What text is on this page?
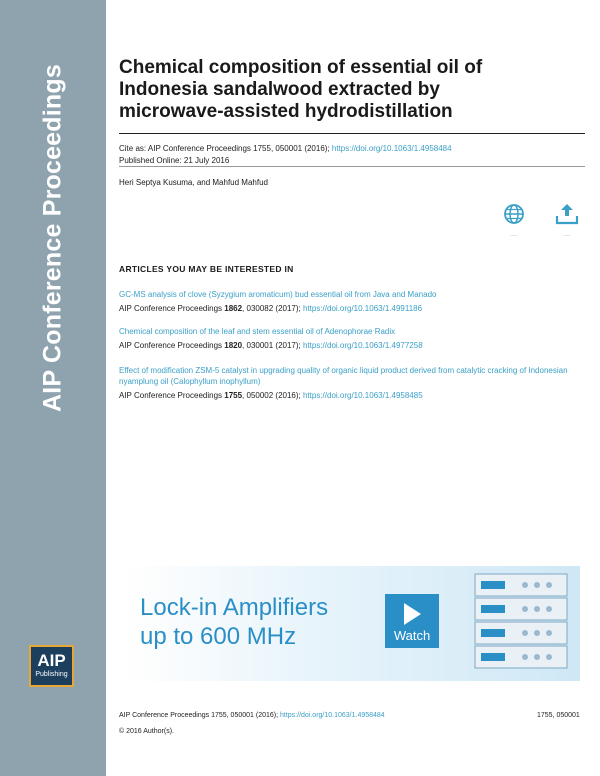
AIP Conference Proceedings
AIP
Publishing
Chemical composition of essential oil of Indonesia sandalwood extracted by microwave-assisted hydrodistillation
Cite as: AIP Conference Proceedings 1755, 050001 (2016); https://doi.org/10.1063/1.4958484
Published Online: 21 July 2016
Heri Septya Kusuma, and Mahfud Mahfud
——	——
ARTICLES YOU MAY BE INTERESTED IN
GC-MS analysis of clove (Syzygium aromaticum) bud essential oil from Java and Manado
AIP Conference Proceedings 1862, 030082 (2017); https://doi.org/10.1063/1.4991186
Chemical composition of the leaf and stem essential oil of Adenophorae Radix
AIP Conference Proceedings 1820, 030001 (2017); https://doi.org/10.1063/1.4977258
Effect of modification ZSM-5 catalyst in upgrading quality of organic liquid product derived from catalytic cracking of Indonesian nyamplung oil (Calophyllum inophyllum)
AIP Conference Proceedings 1755, 050002 (2016); https://doi.org/10.1063/1.4958485
Lock-in Amplifiers
up to 600 MHz	Watch
AIP Conference Proceedings 1755, 050001 (2016); https://doi.org/10.1063/1.4958484	1755, 050001
© 2016 Author(s).
